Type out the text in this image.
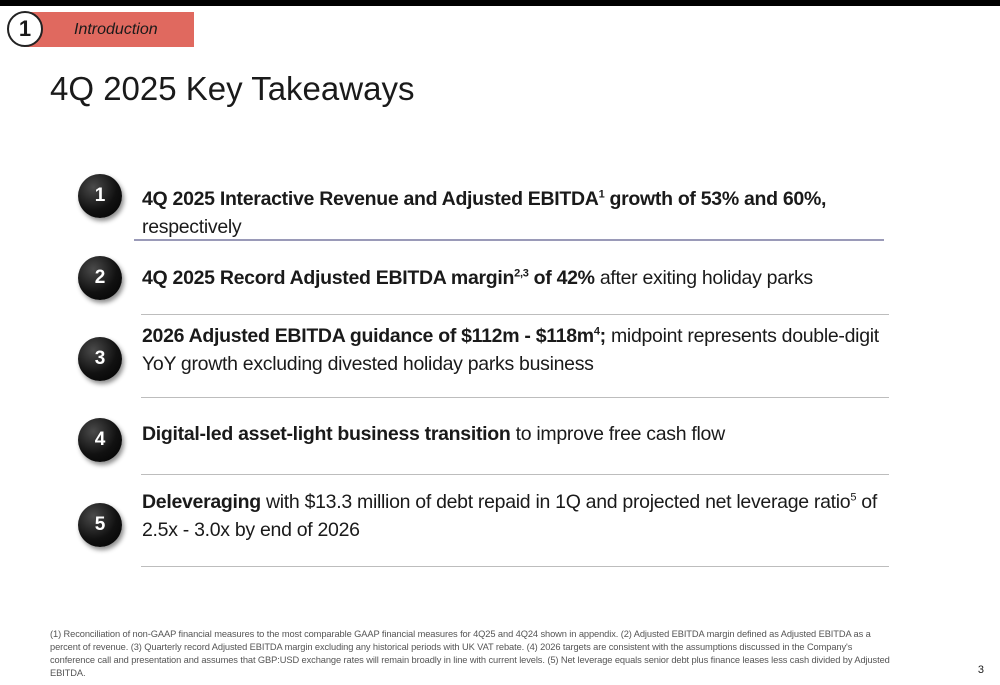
Introduction
1
4Q 2025 Key Takeaways
1	4Q 2025 Interactive Revenue and Adjusted EBITDA$^1$ growth of 53% and 60%, respectively
2	4Q 2025 Record Adjusted EBITDA margin$^{2,3}$ of 42% after exiting holiday parks
3
2026 Adjusted EBITDA guidance of $112m - $\$118m^4$; midpoint represents double-digit YoY growth excluding divested holiday parks business
4	Digital-led asset-light business transition to improve free cash flow
5
Deleveraging with $13.3 million of debt repaid in 1Q and projected net leverage ratio$^5$ of 2.5x - 3.0x by end of 2026
(1) Reconciliation of non-GAAP financial measures to the most comparable GAAP financial measures for 4Q25 and 4Q24 shown in appendix. (2) Adjusted EBITDA margin defined as Adjusted EBITDA as a percent of revenue. (3) Quarterly record Adjusted EBITDA margin excluding any historical periods with UK VAT rebate. (4) 2026 targets are consistent with the assumptions discussed in the Company's conference call and presentation and assumes that GBP:USD exchange rates will remain broadly in line with current levels. (5) Net leverage equals senior debt plus finance leases less cash divided by Adjusted EBITDA.	3
